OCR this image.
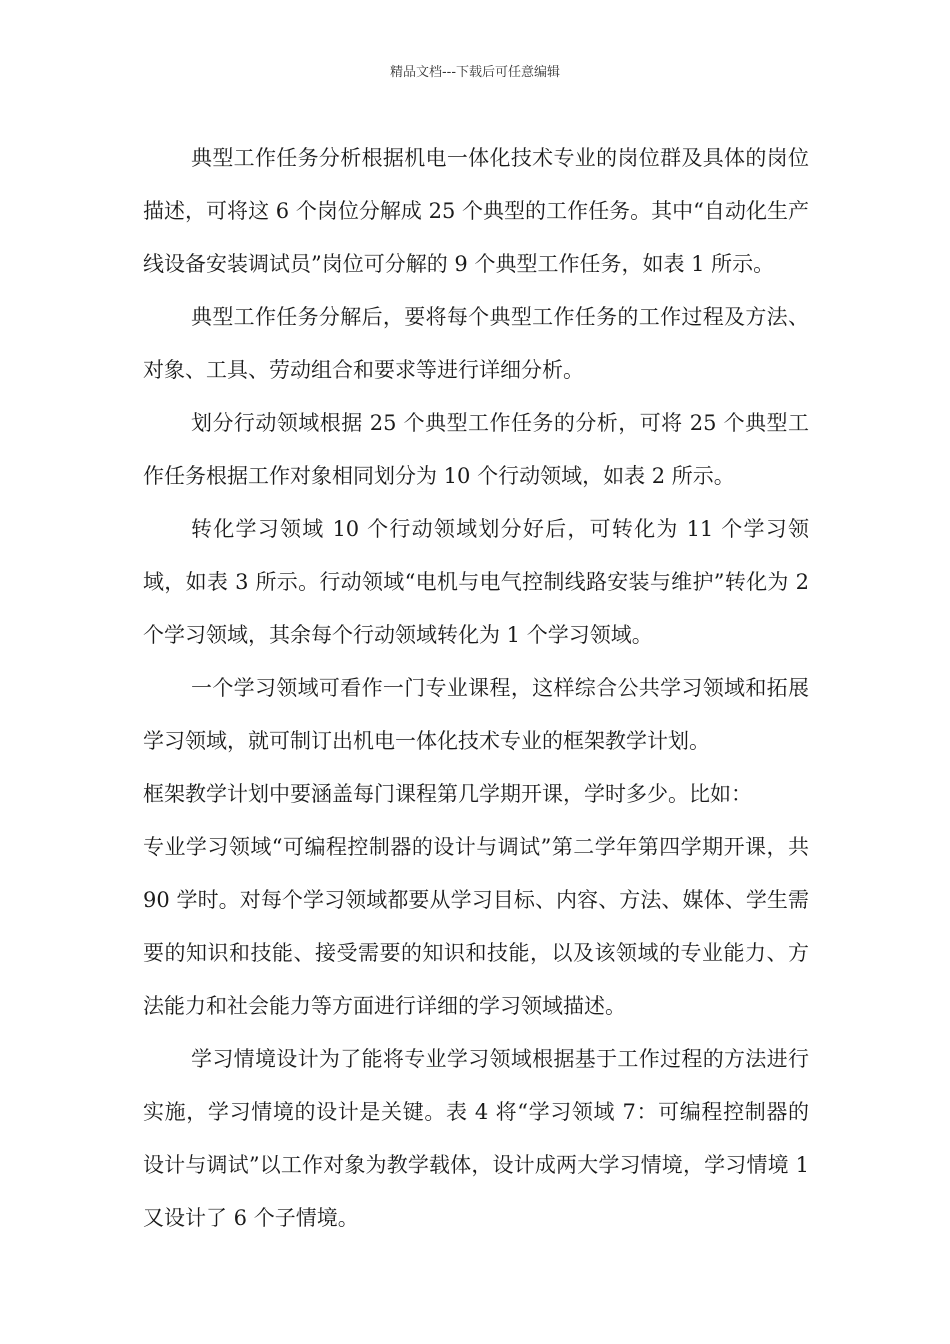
精品文档---下载后可任意编辑

典型工作任务分析根据机电一体化技术专业的岗位群及具体的岗位描述，可将这 6 个岗位分解成 25 个典型的工作任务。其中“自动化生产线设备安装调试员”岗位可分解的 9 个典型工作任务，如表 1 所示。

典型工作任务分解后，要将每个典型工作任务的工作过程及方法、对象、工具、劳动组合和要求等进行详细分析。

划分行动领域根据 25 个典型工作任务的分析，可将 25 个典型工作任务根据工作对象相同划分为 10 个行动领域，如表 2 所示。

转化学习领域 10 个行动领域划分好后，可转化为 11 个学习领域，如表 3 所示。行动领域“电机与电气控制线路安装与维护”转化为 2 个学习领域，其余每个行动领域转化为 1 个学习领域。

一个学习领域可看作一门专业课程，这样综合公共学习领域和拓展学习领域，就可制订出机电一体化技术专业的框架教学计划。

框架教学计划中要涵盖每门课程第几学期开课，学时多少。比如：

专业学习领域“可编程控制器的设计与调试”第二学年第四学期开课，共 90 学时。对每个学习领域都要从学习目标、内容、方法、媒体、学生需要的知识和技能、接受需要的知识和技能，以及该领域的专业能力、方法能力和社会能力等方面进行详细的学习领域描述。

学习情境设计为了能将专业学习领域根据基于工作过程的方法进行实施，学习情境的设计是关键。表 4 将“学习领域 7：可编程控制器的设计与调试”以工作对象为教学载体，设计成两大学习情境，学习情境 1 又设计了 6 个子情境。
